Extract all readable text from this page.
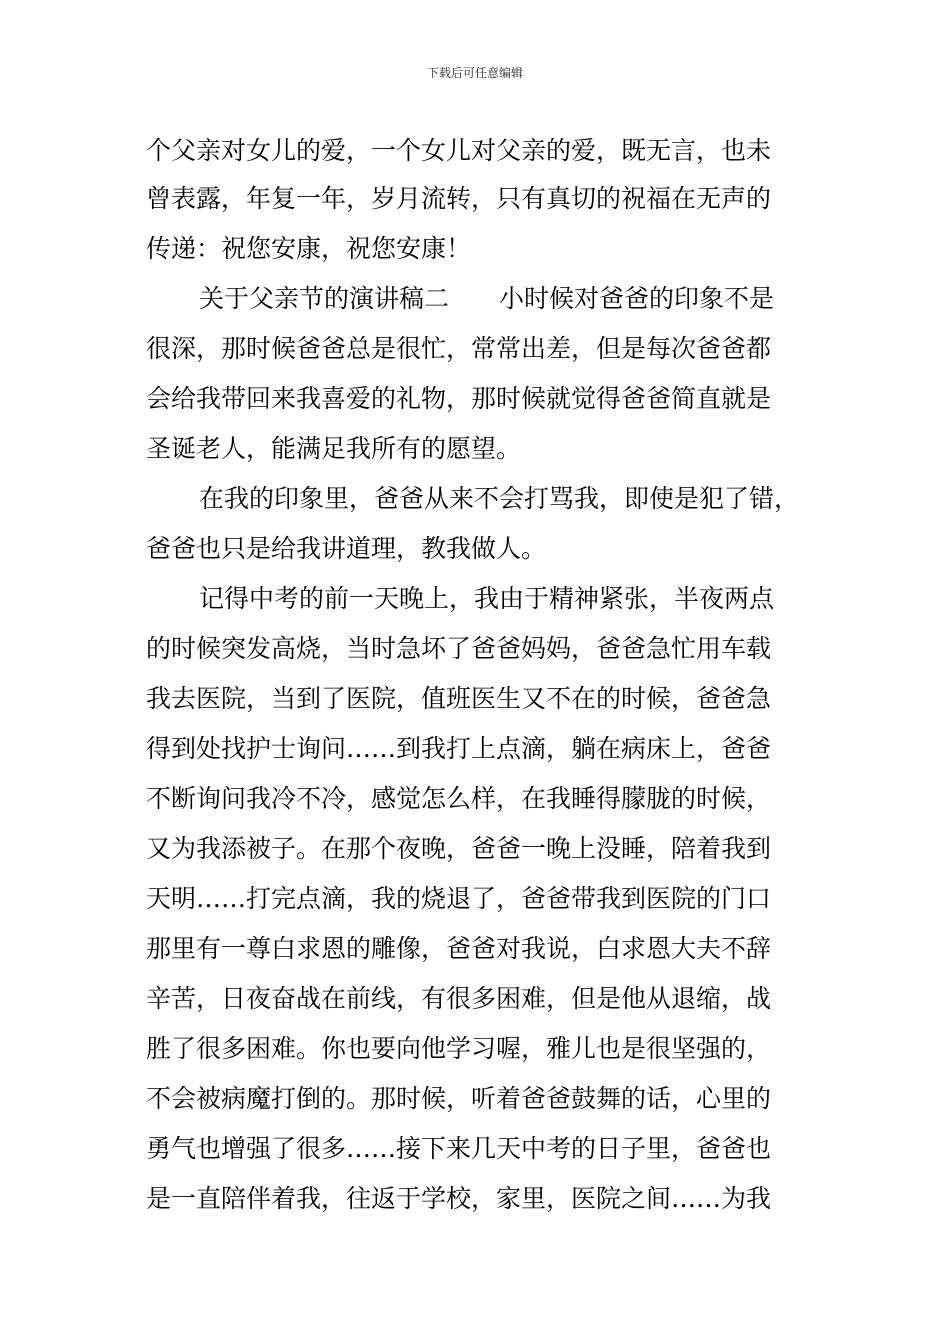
下载后可任意编辑
个父亲对女儿的爱，一个女儿对父亲的爱，既无言，也未
曾表露，年复一年，岁月流转，只有真切的祝福在无声的
传递：祝您安康，祝您安康！
关于父亲节的演讲稿二　　小时候对爸爸的印象不是
很深，那时候爸爸总是很忙，常常出差，但是每次爸爸都
会给我带回来我喜爱的礼物，那时候就觉得爸爸简直就是
圣诞老人，能满足我所有的愿望。
在我的印象里，爸爸从来不会打骂我，即使是犯了错，
爸爸也只是给我讲道理，教我做人。
记得中考的前一天晚上，我由于精神紧张，半夜两点
的时候突发高烧，当时急坏了爸爸妈妈，爸爸急忙用车载
我去医院，当到了医院，值班医生又不在的时候，爸爸急
得到处找护士询问……到我打上点滴，躺在病床上，爸爸
不断询问我冷不冷，感觉怎么样，在我睡得朦胧的时候，
又为我添被子。在那个夜晚，爸爸一晚上没睡，陪着我到
天明……打完点滴，我的烧退了，爸爸带我到医院的门口
那里有一尊白求恩的雕像，爸爸对我说，白求恩大夫不辞
辛苦，日夜奋战在前线，有很多困难，但是他从退缩，战
胜了很多困难。你也要向他学习喔，雅儿也是很坚强的，
不会被病魔打倒的。那时候，听着爸爸鼓舞的话，心里的
勇气也增强了很多……接下来几天中考的日子里，爸爸也
是一直陪伴着我，往返于学校，家里，医院之间……为我
